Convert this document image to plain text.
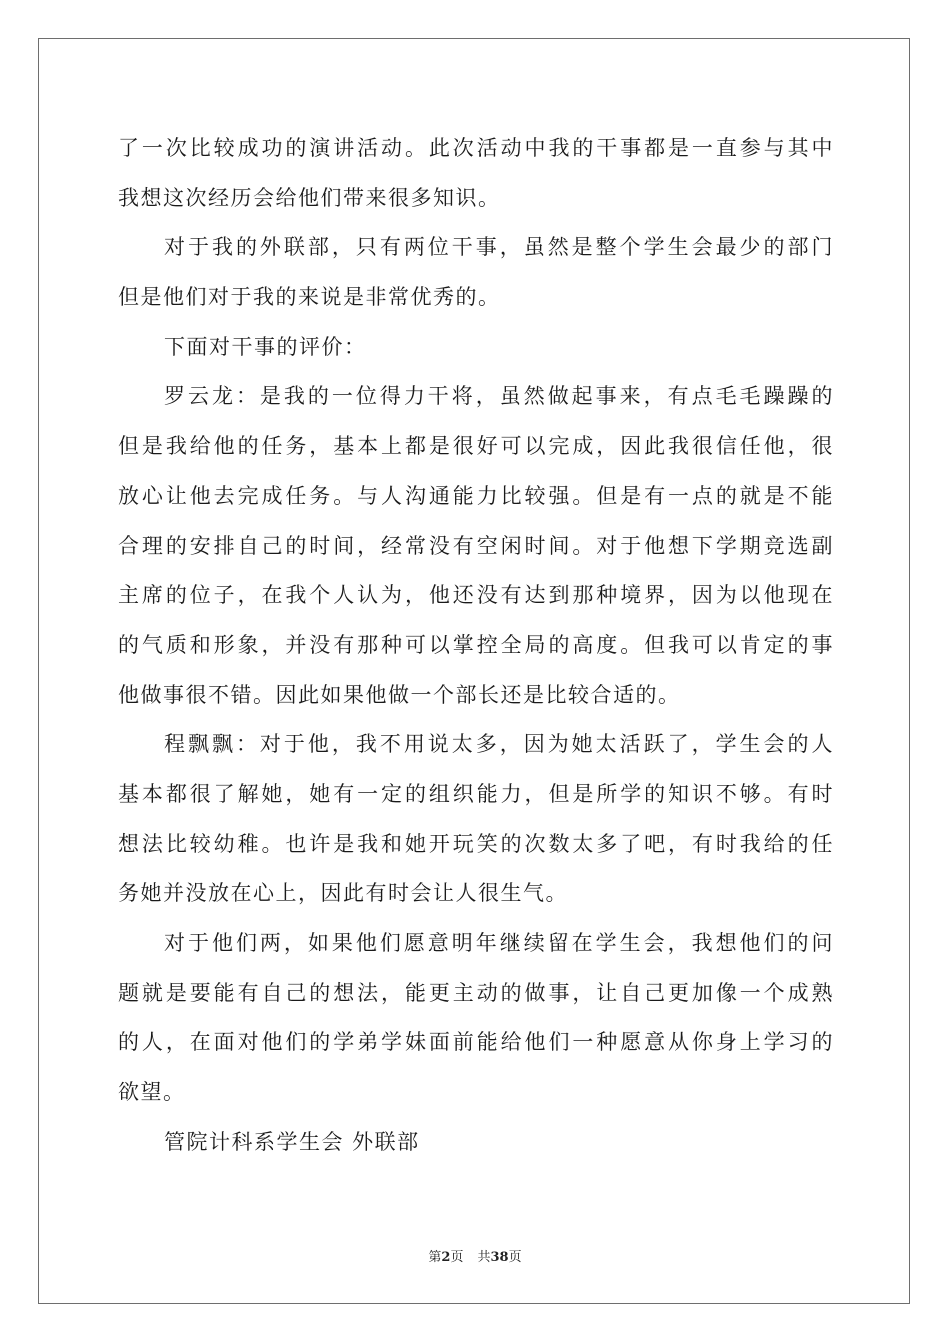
了一次比较成功的演讲活动。此次活动中我的干事都是一直参与其中
我想这次经历会给他们带来很多知识。
对于我的外联部，只有两位干事，虽然是整个学生会最少的部门
但是他们对于我的来说是非常优秀的。
下面对干事的评价：
罗云龙：是我的一位得力干将，虽然做起事来，有点毛毛躁躁的
但是我给他的任务，基本上都是很好可以完成，因此我很信任他，很
放心让他去完成任务。与人沟通能力比较强。但是有一点的就是不能
合理的安排自己的时间，经常没有空闲时间。对于他想下学期竞选副
主席的位子，在我个人认为，他还没有达到那种境界，因为以他现在
的气质和形象，并没有那种可以掌控全局的高度。但我可以肯定的事
他做事很不错。因此如果他做一个部长还是比较合适的。
程飘飘：对于他，我不用说太多，因为她太活跃了，学生会的人
基本都很了解她，她有一定的组织能力，但是所学的知识不够。有时
想法比较幼稚。也许是我和她开玩笑的次数太多了吧，有时我给的任
务她并没放在心上，因此有时会让人很生气。
对于他们两，如果他们愿意明年继续留在学生会，我想他们的问
题就是要能有自己的想法，能更主动的做事，让自己更加像一个成熟
的人，在面对他们的学弟学妹面前能给他们一种愿意从你身上学习的
欲望。
管院计科系学生会 外联部
第2页 共38页
